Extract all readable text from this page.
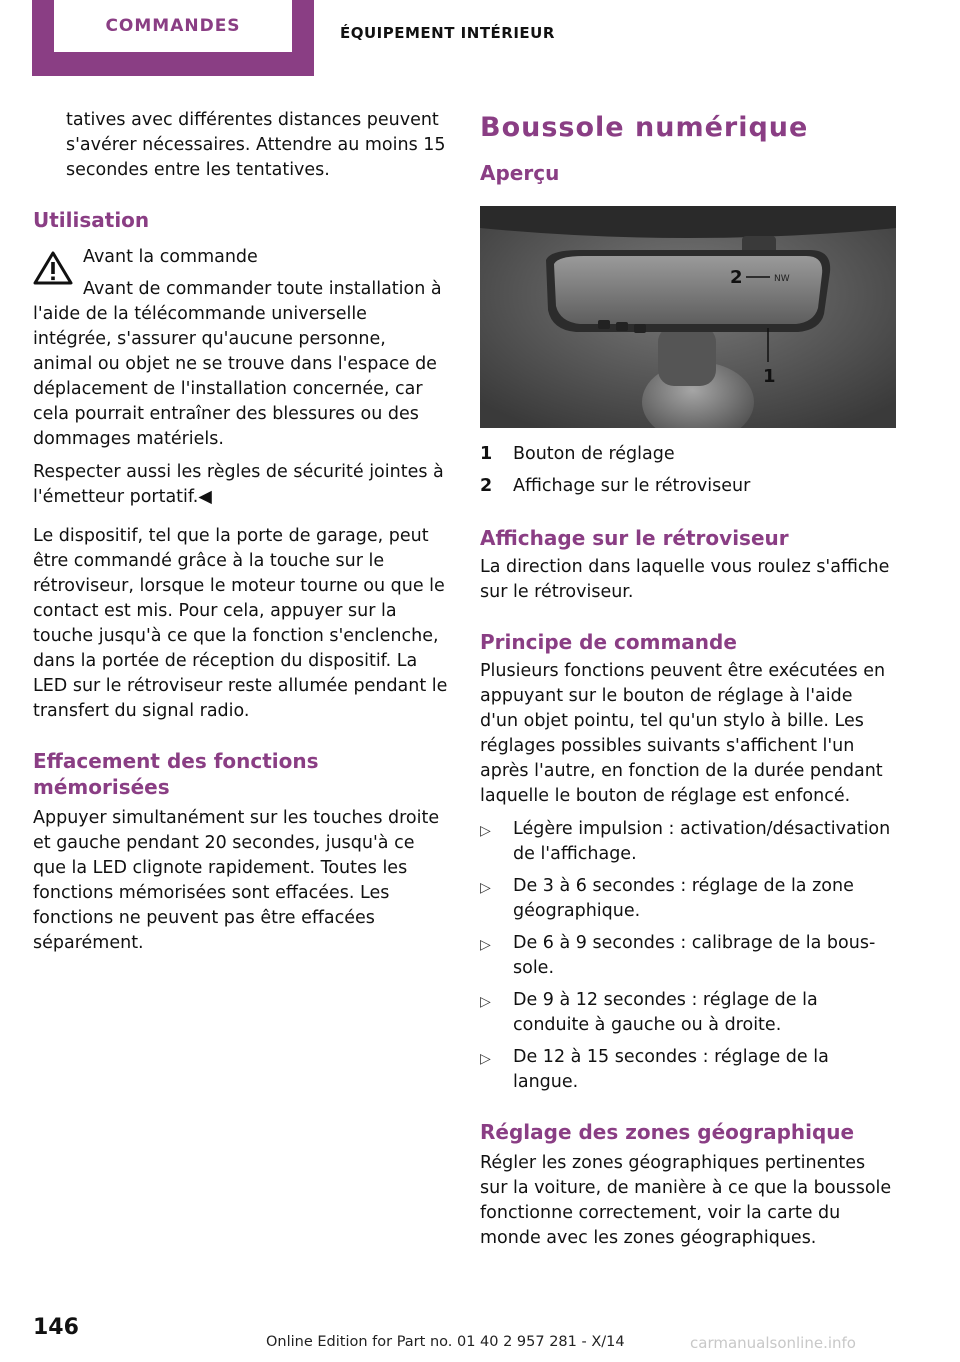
COMMANDES	ÉQUIPEMENT INTÉRIEUR

tatives avec différentes distances peuvent s'avérer nécessaires. Attendre au moins 15 secondes entre les tentatives.

Utilisation
Avant la commande
Avant de commander toute installation à

l'aide de la télécommande universelle intégrée, s'assurer qu'aucune personne, animal ou objet ne se trouve dans l'espace de déplacement de l'installation concernée, car cela pourrait entraîner des blessures ou des dommages matériels.

Respecter aussi les règles de sécurité jointes à l'émetteur portatif.◀

Le dispositif, tel que la porte de garage, peut être commandé grâce à la touche sur le rétroviseur, lorsque le moteur tourne ou que le contact est mis. Pour cela, appuyer sur la touche jusqu'à ce que la fonction s'enclenche, dans la portée de réception du dispositif. La LED sur le rétroviseur reste allumée pendant le transfert du signal radio.

Effacement des fonctions mémorisées

Appuyer simultanément sur les touches droite et gauche pendant 20 secondes, jusqu'à ce que la LED clignote rapidement. Toutes les fonctions mémorisées sont effacées. Les fonctions ne peuvent pas être effacées séparément.

Boussole numérique
Aperçu
2	NW
1
1	Bouton de réglage
2	Affichage sur le rétroviseur
Affichage sur le rétroviseur

La direction dans laquelle vous roulez s'affiche sur le rétroviseur.

Principe de commande

Plusieurs fonctions peuvent être exécutées en appuyant sur le bouton de réglage à l'aide d'un objet pointu, tel qu'un stylo à bille. Les réglages possibles suivants s'affichent l'un après l'autre, en fonction de la durée pendant laquelle le bouton de réglage est enfoncé.

▷	Légère impulsion : activation/désactivation de l'affichage.
▷	De 3 à 6 secondes : réglage de la zone géographique.
▷	De 6 à 9 secondes : calibrage de la boussole.
▷	De 9 à 12 secondes : réglage de la conduite à gauche ou à droite.
▷	De 12 à 15 secondes : réglage de la langue.
Réglage des zones géographique

Régler les zones géographiques pertinentes sur la voiture, de manière à ce que la boussole fonctionne correctement, voir la carte du monde avec les zones géographiques.

146
Online Edition for Part no. 01 40 2 957 281 - X/14	carmanualsonline.info
